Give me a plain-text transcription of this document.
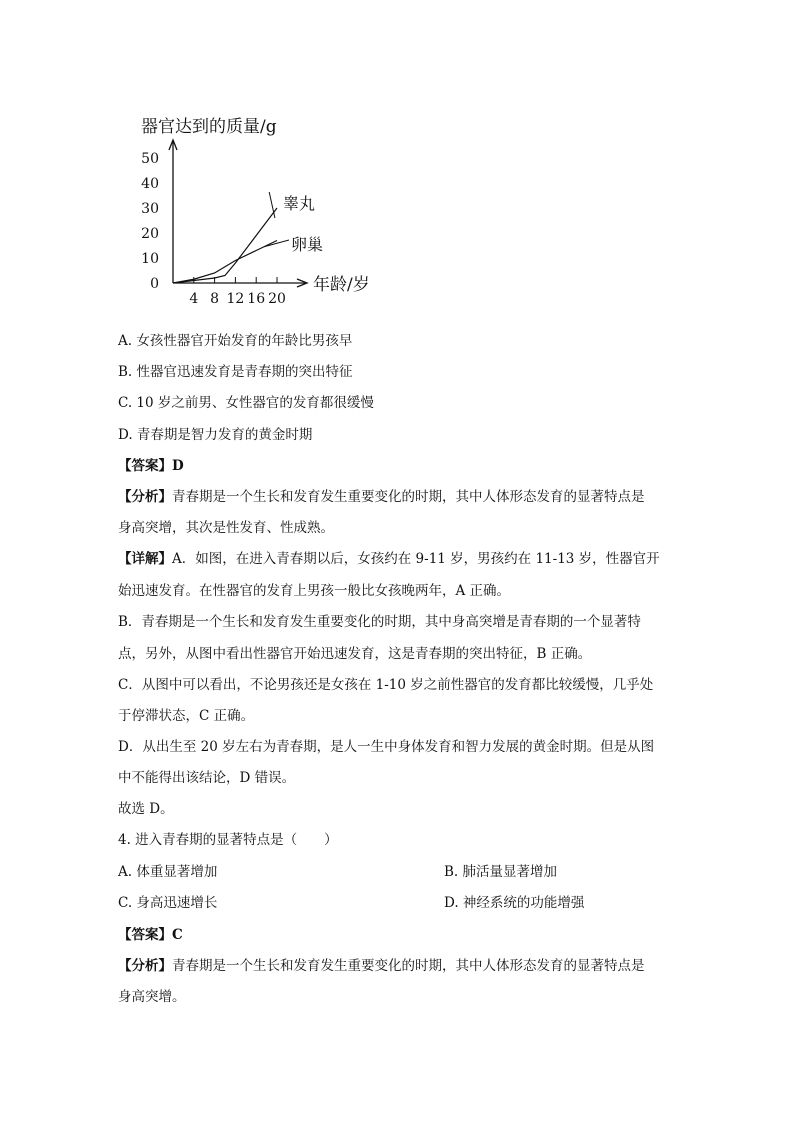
器官达到的质量/g
年龄/岁
50
40
30
20
10
0
4 8 12 16 20
睾丸
卵巢
A. 女孩性器官开始发育的年龄比男孩早
B. 性器官迅速发育是青春期的突出特征
C. 10 岁之前男、女性器官的发育都很缓慢
D. 青春期是智力发育的黄金时期
【答案】D
【分析】青春期是一个生长和发育发生重要变化的时期，其中人体形态发育的显著特点是
身高突增，其次是性发育、性成熟。
【详解】A．如图，在进入青春期以后，女孩约在 9-11 岁，男孩约在 11-13 岁，性器官开
始迅速发育。在性器官的发育上男孩一般比女孩晚两年，A 正确。
B．青春期是一个生长和发育发生重要变化的时期，其中身高突增是青春期的一个显著特
点，另外，从图中看出性器官开始迅速发育，这是青春期的突出特征，B 正确。
C．从图中可以看出，不论男孩还是女孩在 1-10 岁之前性器官的发育都比较缓慢，几乎处
于停滞状态，C 正确。
D．从出生至 20 岁左右为青春期，是人一生中身体发育和智力发展的黄金时期。但是从图
中不能得出该结论，D 错误。
故选 D。
4. 进入青春期的显著特点是（　　）
A. 体重显著增加	B. 肺活量显著增加
C. 身高迅速增长	D. 神经系统的功能增强
【答案】C
【分析】青春期是一个生长和发育发生重要变化的时期，其中人体形态发育的显著特点是
身高突增。
